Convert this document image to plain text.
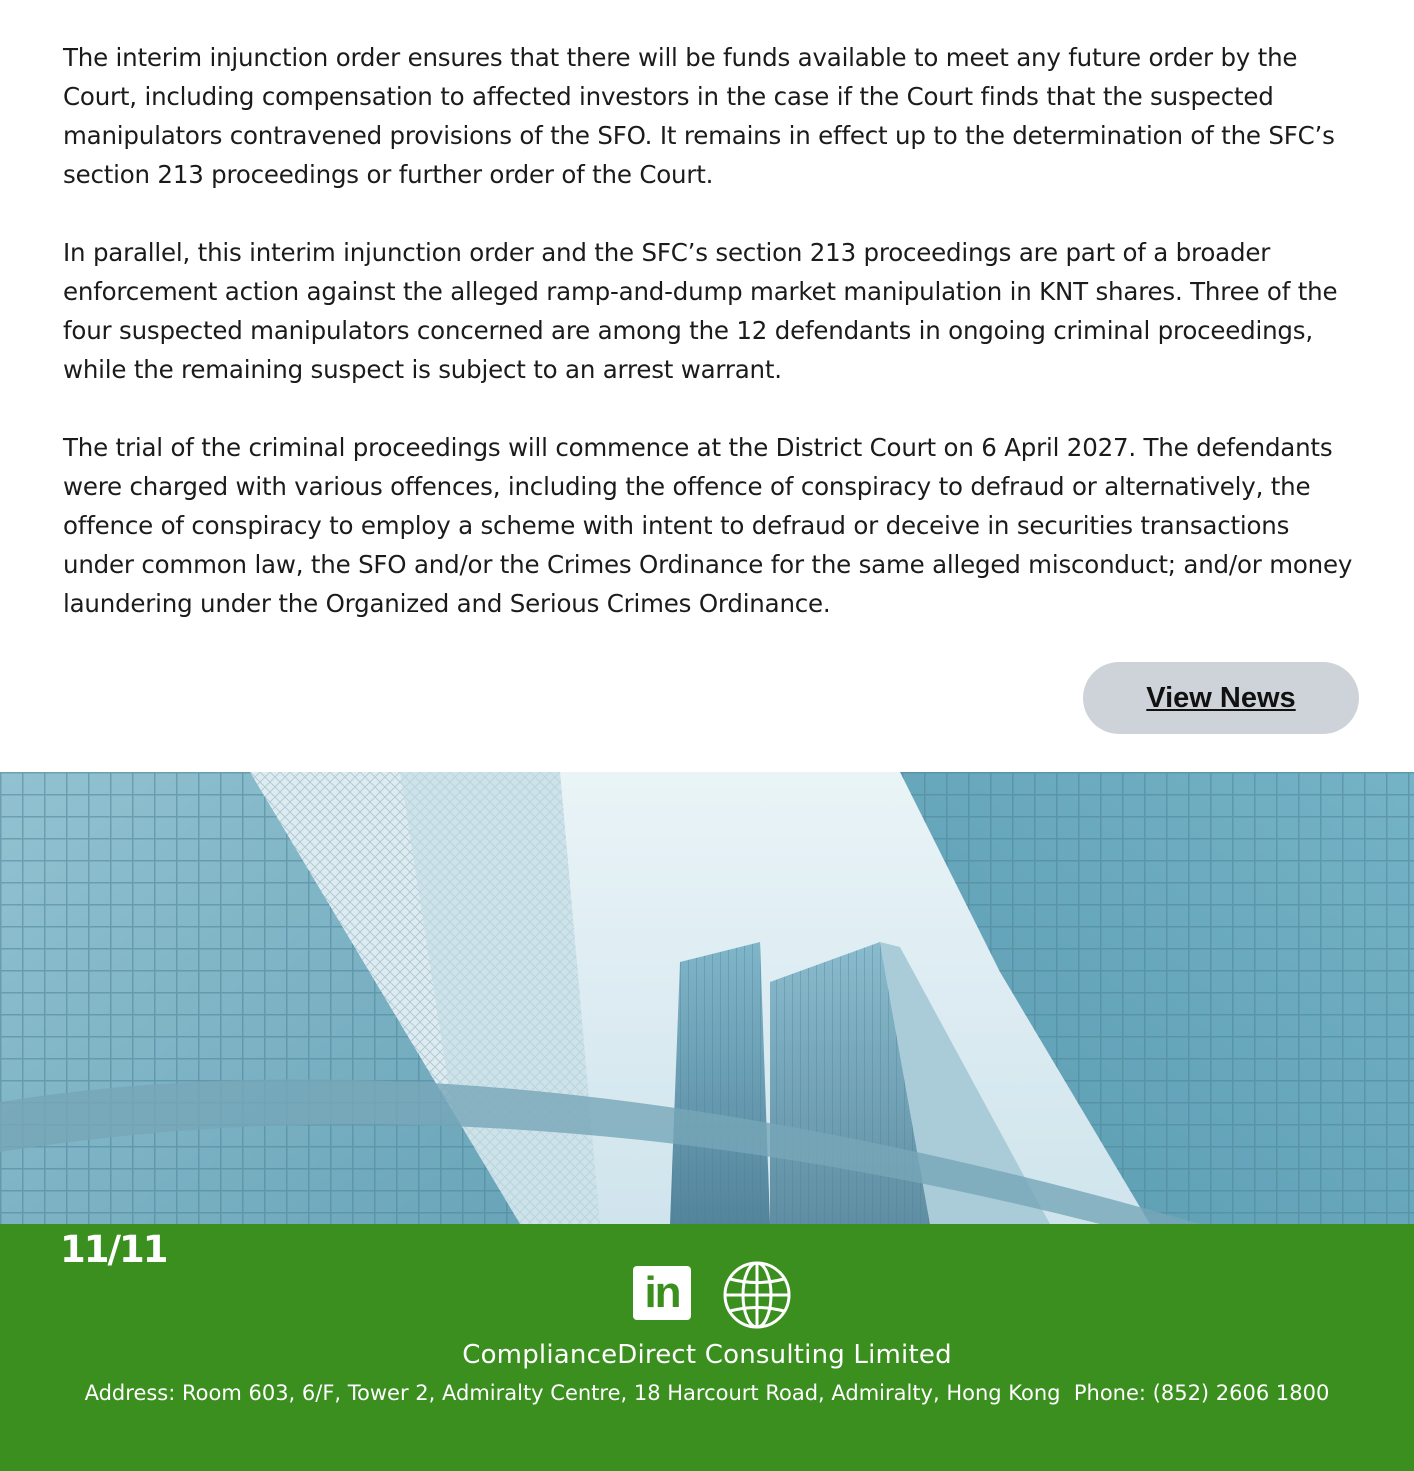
The interim injunction order ensures that there will be funds available to meet any future order by the Court, including compensation to affected investors in the case if the Court finds that the suspected manipulators contravened provisions of the SFO. It remains in effect up to the determination of the SFC’s section 213 proceedings or further order of the Court.

In parallel, this interim injunction order and the SFC’s section 213 proceedings are part of a broader enforcement action against the alleged ramp-and-dump market manipulation in KNT shares. Three of the four suspected manipulators concerned are among the 12 defendants in ongoing criminal proceedings, while the remaining suspect is subject to an arrest warrant.

The trial of the criminal proceedings will commence at the District Court on 6 April 2027. The defendants were charged with various offences, including the offence of conspiracy to defraud or alternatively, the offence of conspiracy to employ a scheme with intent to defraud or deceive in securities transactions under common law, the SFO and/or the Crimes Ordinance for the same alleged misconduct; and/or money laundering under the Organized and Serious Crimes Ordinance.

View News
11/11
in
ComplianceDirect Consulting Limited
Address: Room 603, 6/F, Tower 2, Admiralty Centre, 18 Harcourt Road, Admiralty, Hong Kong  Phone: (852) 2606 1800
